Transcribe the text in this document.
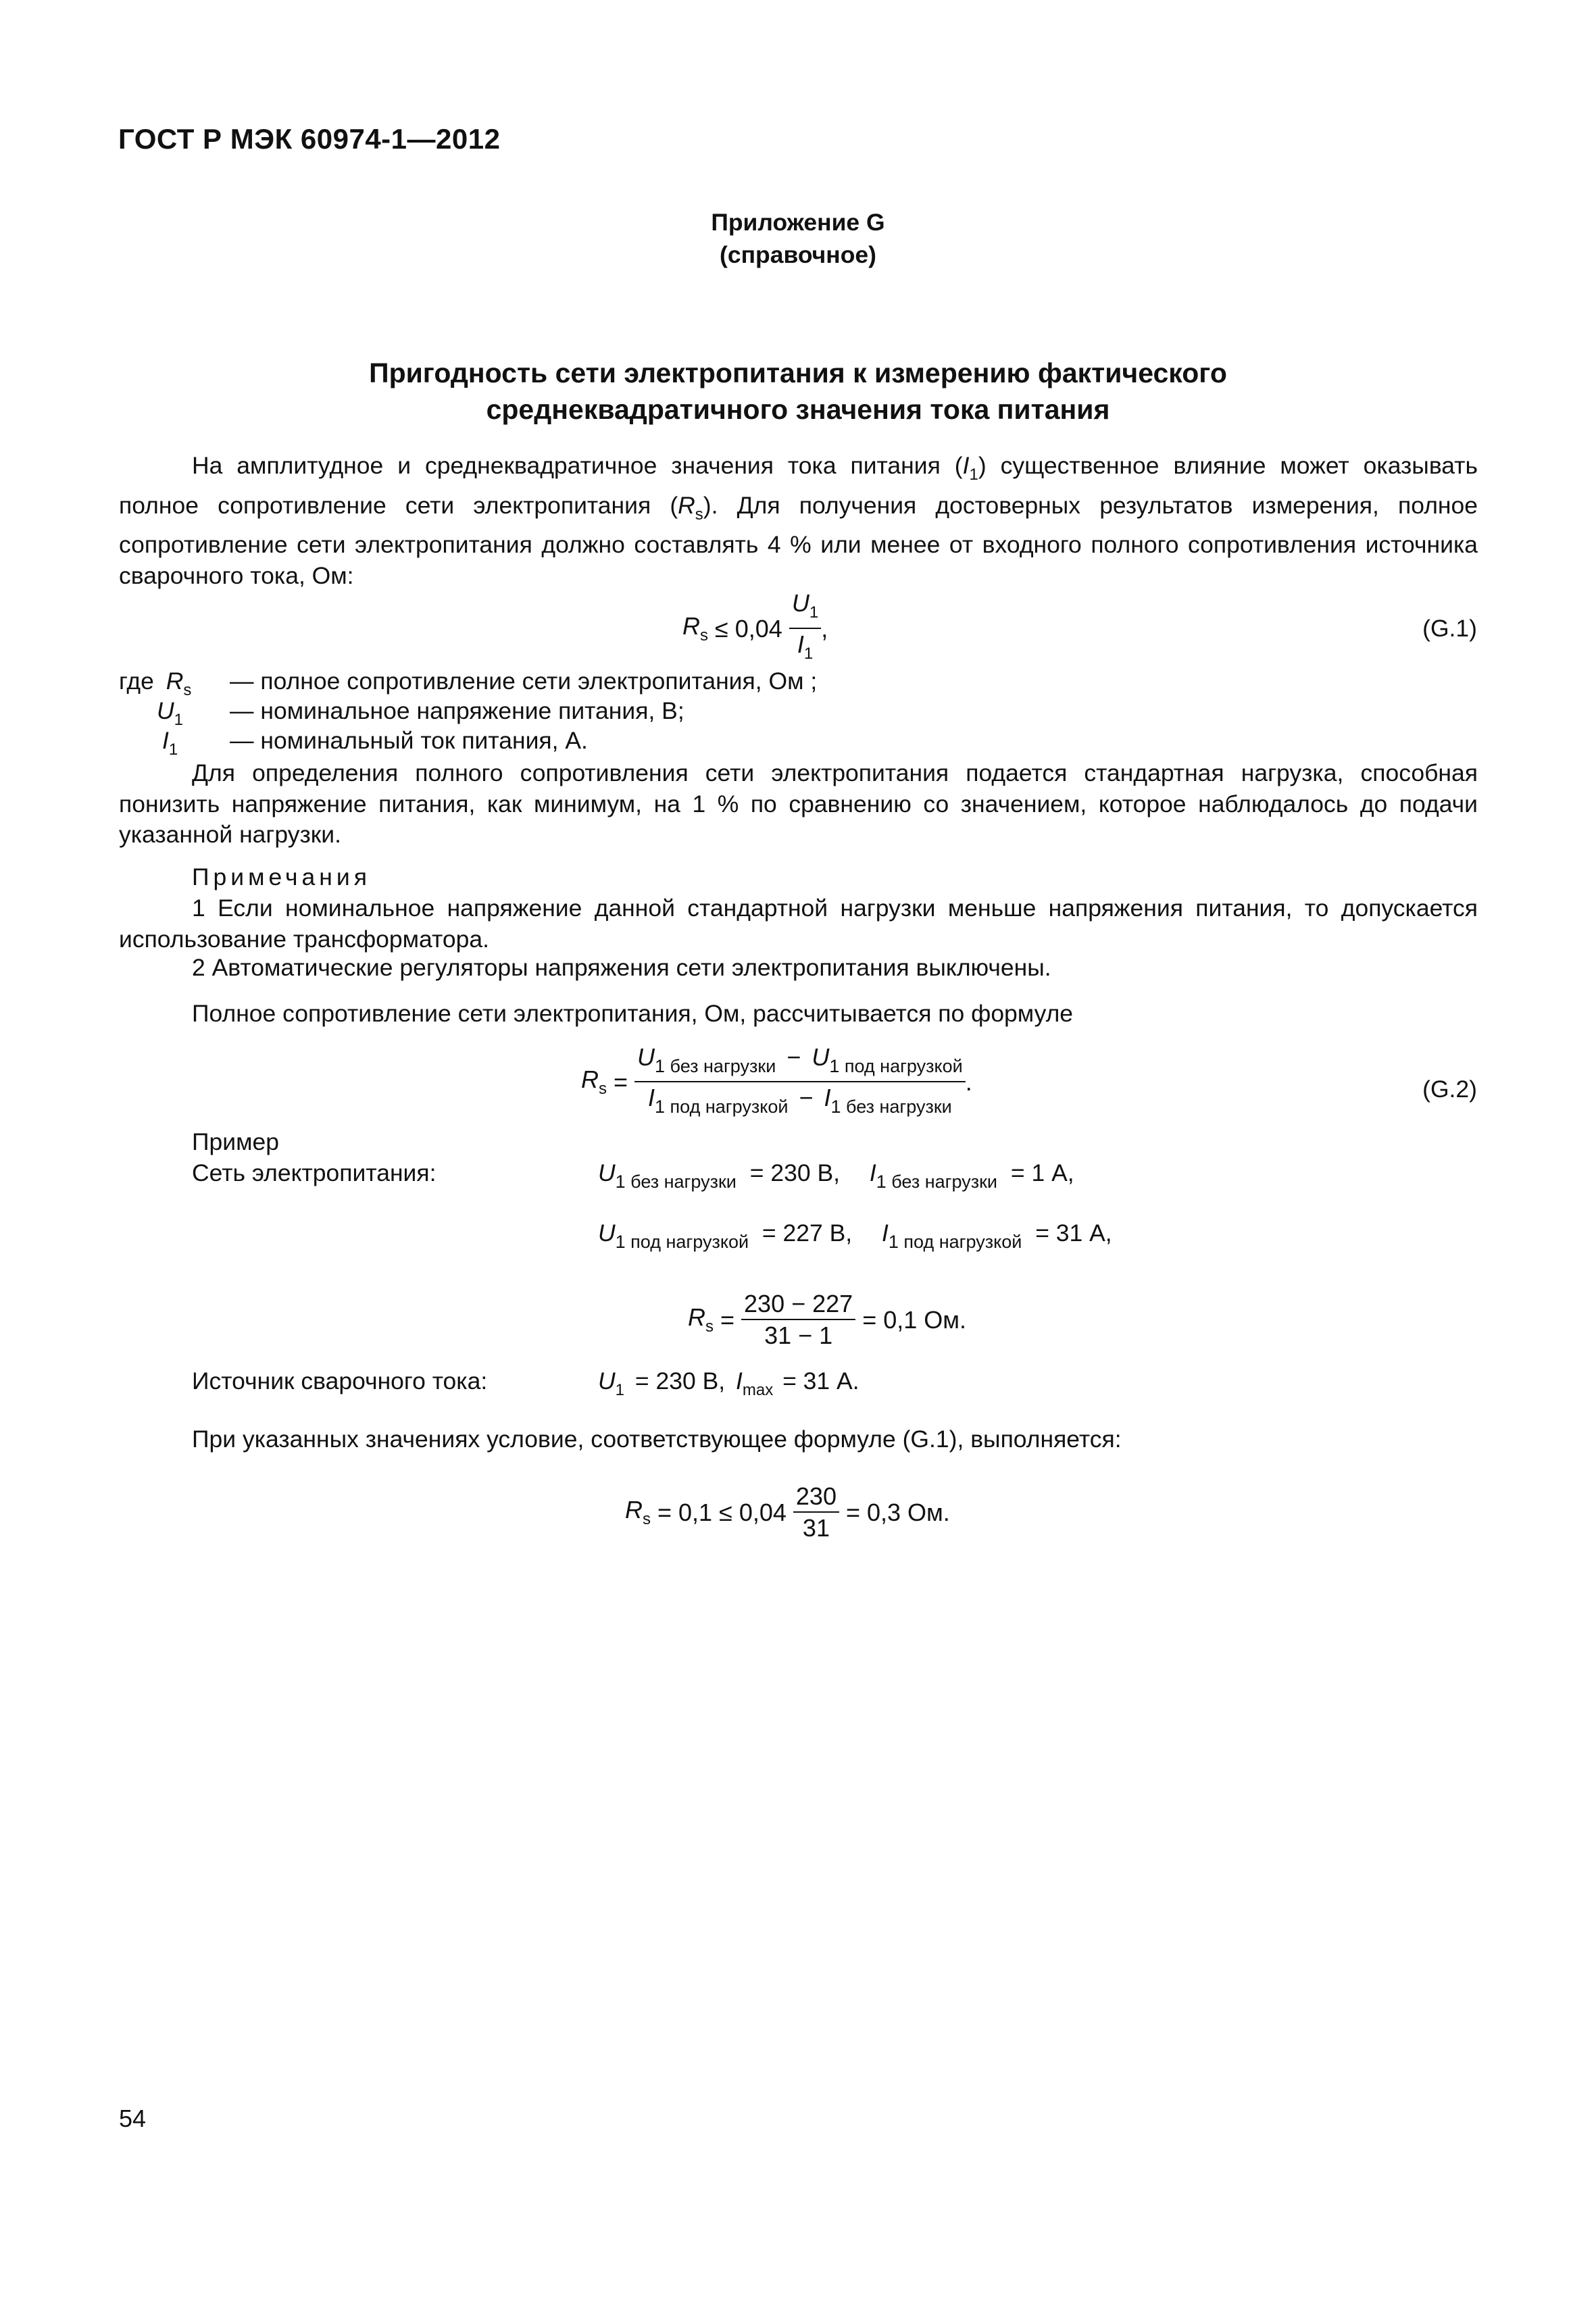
ГОСТ Р МЭК 60974-1—2012
Приложение G
(справочное)
Пригодность сети электропитания к измерению фактического
среднеквадратичного значения тока питания
На амплитудное и среднеквадратичное значения тока питания $(I_1)$ существенное влияние может оказывать полное сопротивление сети электропитания $(R_s)$. Для получения достоверных результатов измерения, полное сопротивление сети электропитания должно составлять 4 % или менее от входного полного сопротивления источника сварочного тока, Ом:
$R_s \le 0,04 \frac{U_1}{I_1}$ ,	(G.1)
где $R_s$ — полное сопротивление сети электропитания, Ом ;
$U_1$ — номинальное напряжение питания, В;
$I_1$ — номинальный ток питания, А.
Для определения полного сопротивления сети электропитания подается стандартная нагрузка, способная понизить напряжение питания, как минимум, на 1 % по сравнению со значением, которое наблюдалось до подачи указанной нагрузки.
Примечания
1 Если номинальное напряжение данной стандартной нагрузки меньше напряжения питания, то допускается использование трансформатора.
2 Автоматические регуляторы напряжения сети электропитания выключены.
Полное сопротивление сети электропитания, Ом, рассчитывается по формуле
$R_s = \frac{U_{1 без нагрузки} - U_{1 под нагрузкой}}{I_{1 под нагрузкой} - I_{1 без нагрузки}}$ .	(G.2)
Пример
Сеть электропитания:	$U_{1 без нагрузки} = 230$ В, $I_{1 без нагрузки} = 1$ А,
$U_{1 под нагрузкой} = 227$ В, $I_{1 под нагрузкой} = 31$ А,
$R_s = \frac{230 - 227}{31 - 1} = 0,1$ Ом.
Источник сварочного тока:	$U_1 = 230$ В, $I_{max} = 31$ А.
При указанных значениях условие, соответствующее формуле (G.1), выполняется:
$R_s = 0,1 \le 0,04 \frac{230}{31} = 0,3$ Ом.
54
